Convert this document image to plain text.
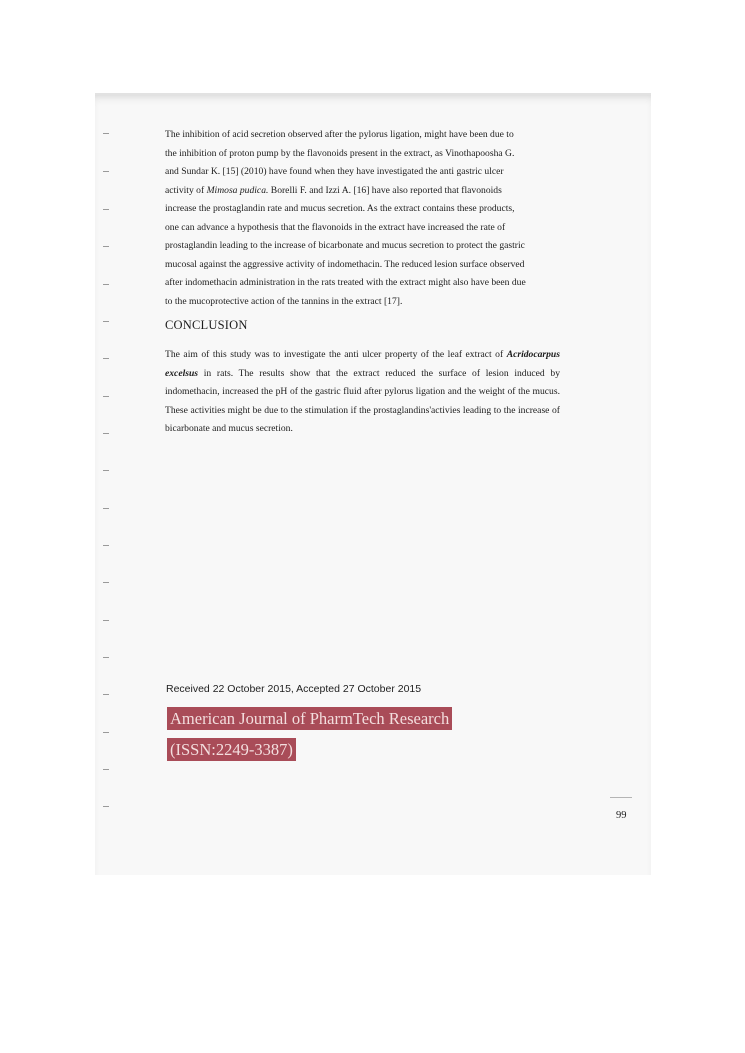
The inhibition of acid secretion observed after the pylorus ligation, might have been due to
the inhibition of proton pump by the flavonoids present in the extract, as Vinothapoosha G.
and Sundar K. [15] (2010) have found when they have investigated the anti gastric ulcer
activity of Mimosa pudica. Borelli F. and Izzi A. [16] have also reported that flavonoids
increase the prostaglandin rate and mucus secretion. As the extract contains these products,
one can advance a hypothesis that the flavonoids in the extract have increased the rate of
prostaglandin leading to the increase of bicarbonate and mucus secretion to protect the gastric
mucosal against the aggressive activity of indomethacin. The reduced lesion surface observed
after indomethacin administration in the rats treated with the extract might also have been due
to the mucoprotective action of the tannins in the extract [17].

CONCLUSION

The aim of this study was to investigate the anti ulcer property of the leaf extract of Acridocarpus excelsus in rats. The results show that the extract reduced the surface of lesion induced by indomethacin, increased the pH of the gastric fluid after pylorus ligation and the weight of the mucus. These activities might be due to the stimulation if the prostaglandins'activies leading to the increase of bicarbonate and mucus secretion.

Received 22 October 2015, Accepted 27 October 2015

American Journal of PharmTech Research
(ISSN:2249-3387)

99
